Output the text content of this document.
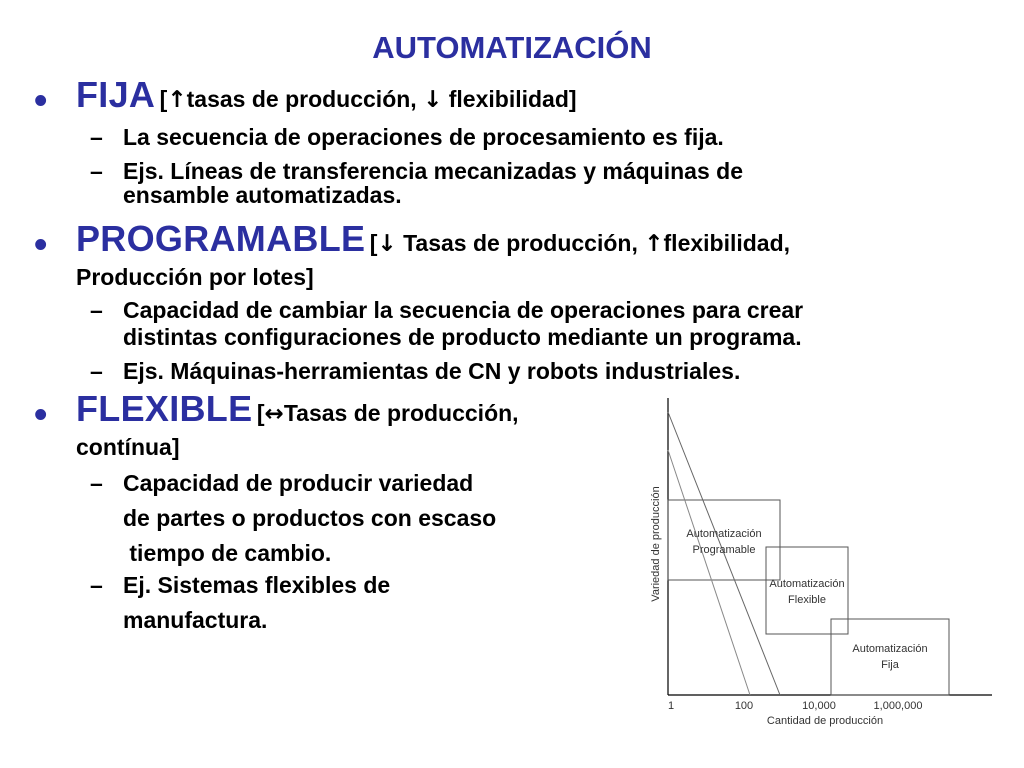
AUTOMATIZACIÓN
• FIJA [↑tasas de producción, ↓ flexibilidad]
– La secuencia de operaciones de procesamiento es fija.
– Ejs. Líneas de transferencia mecanizadas y máquinas de
ensamble automatizadas.
• PROGRAMABLE [↓ Tasas de producción, ↑flexibilidad,
Producción por lotes]
– Capacidad de cambiar la secuencia de operaciones para crear
distintas configuraciones de producto mediante un programa.
– Ejs. Máquinas-herramientas de CN y robots industriales.
• FLEXIBLE [↔Tasas de producción,
contínua]
– Capacidad de producir variedad
de partes o productos con escaso
tiempo de cambio.
– Ej. Sistemas flexibles de
manufactura.
Automatización Programable
Automatización Flexible
Automatización Fija
Variedad de producción
1	100	10,000	1,000,000
Cantidad de producción
